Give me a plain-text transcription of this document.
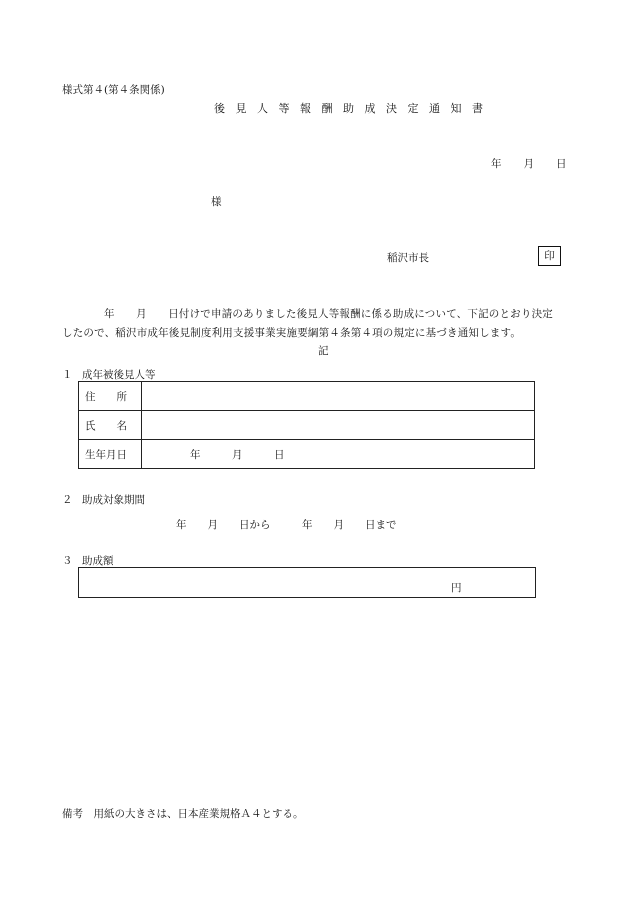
様式第４(第４条関係)
後 見 人 等 報 酬 助 成 決 定 通 知 書
年 月 日
様
稲沢市長	印
年　　月　　日付けで申請のありました後見人等報酬に係る助成について、下記のとおり決定
したので、稲沢市成年後見制度利用支援事業実施要綱第４条第４項の規定に基づき通知します。
記
１ 成年被後見人等
住　　所	
氏　　名	
生年月日	年　　　月　　　日
２ 助成対象期間
年　　月　　日から　　　年　　月　　日まで
３ 助成額
円
備考　用紙の大きさは、日本産業規格Ａ４とする。
